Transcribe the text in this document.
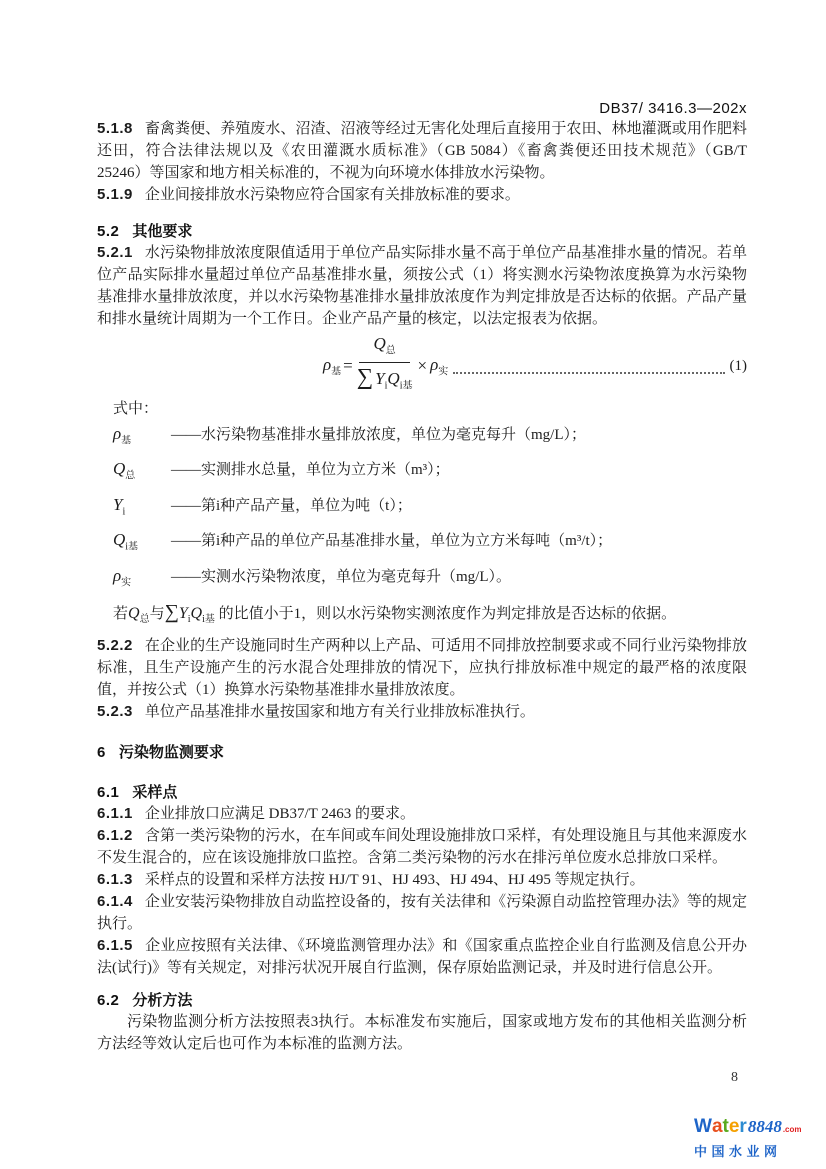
DB37/ 3416.3—202x

5.1.8 畜禽粪便、养殖废水、沼渣、沼液等经过无害化处理后直接用于农田、林地灌溉或用作肥料还田，符合法律法规以及《农田灌溉水质标准》（GB 5084）《畜禽粪便还田技术规范》（GB/T 25246）等国家和地方相关标准的，不视为向环境水体排放水污染物。

5.1.9 企业间接排放水污染物应符合国家有关排放标准的要求。

5.2 其他要求

5.2.1 水污染物排放浓度限值适用于单位产品实际排水量不高于单位产品基准排水量的情况。若单位产品实际排水量超过单位产品基准排水量，须按公式（1）将实测水污染物浓度换算为水污染物基准排水量排放浓度，并以水污染物基准排水量排放浓度作为判定排放是否达标的依据。产品产量和排水量统计周期为一个工作日。企业产品产量的核定，以法定报表为依据。

$\rho_基 = \frac{Q_总}{\sum Y_iQ_{i基}} \times \rho_实$	(1)
式中：
$\rho_基$	——水污染物基准排水量排放浓度，单位为毫克每升（mg/L）；
$Q_总$	——实测排水总量，单位为立方米（m³）；
$Y_i$	——第i种产品产量，单位为吨（t）；
$Q_{i基}$	——第i种产品的单位产品基准排水量，单位为立方米每吨（m³/t）；
$\rho_实$	——实测水污染物浓度，单位为毫克每升（mg/L）。
若$Q_总$与$\sum Y_iQ_{i基}$ 的比值小于1，则以水污染物实测浓度作为判定排放是否达标的依据。

5.2.2 在企业的生产设施同时生产两种以上产品、可适用不同排放控制要求或不同行业污染物排放标准，且生产设施产生的污水混合处理排放的情况下，应执行排放标准中规定的最严格的浓度限值，并按公式（1）换算水污染物基准排水量排放浓度。

5.2.3 单位产品基准排水量按国家和地方有关行业排放标准执行。

6 污染物监测要求
6.1 采样点

6.1.1 企业排放口应满足 DB37/T 2463 的要求。

6.1.2 含第一类污染物的污水，在车间或车间处理设施排放口采样，有处理设施且与其他来源废水不发生混合的，应在该设施排放口监控。含第二类污染物的污水在排污单位废水总排放口采样。

6.1.3 采样点的设置和采样方法按 HJ/T 91、HJ 493、HJ 494、HJ 495 等规定执行。

6.1.4 企业安装污染物排放自动监控设备的，按有关法律和《污染源自动监控管理办法》等的规定执行。

6.1.5 企业应按照有关法律、《环境监测管理办法》和《国家重点监控企业自行监测及信息公开办法(试行)》等有关规定，对排污状况开展自行监测，保存原始监测记录，并及时进行信息公开。

6.2 分析方法

污染物监测分析方法按照表3执行。本标准发布实施后，国家或地方发布的其他相关监测分析方法经等效认定后也可作为本标准的监测方法。

8
W a t e r 8848 .com
中国水业网
